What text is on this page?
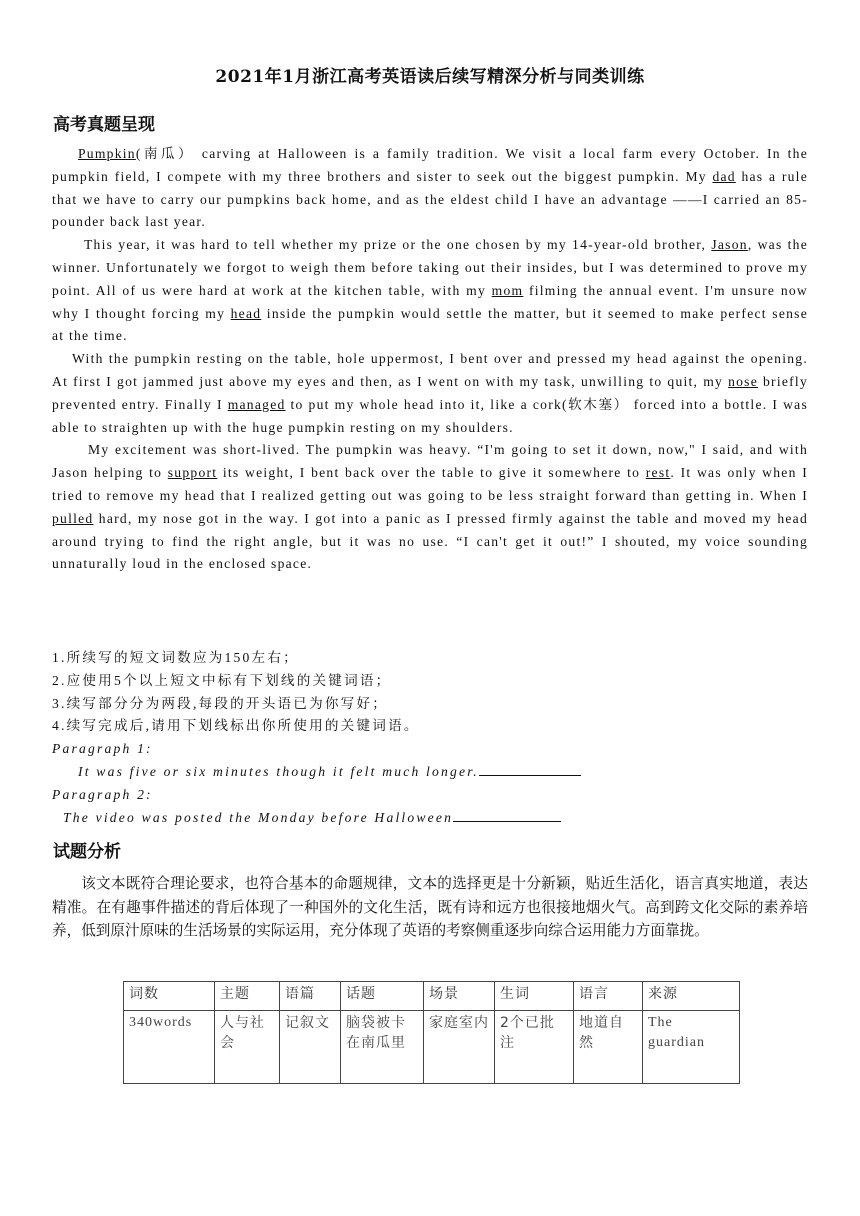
2021年1月浙江高考英语读后续写精深分析与同类训练
高考真题呈现

Pumpkin(南瓜） carving at Halloween is a family tradition. We visit a local farm every October. In the pumpkin field, I compete with my three brothers and sister to seek out the biggest pumpkin. My dad has a rule that we have to carry our pumpkins back home, and as the eldest child I have an advantage ——I carried an 85-pounder back last year.

This year, it was hard to tell whether my prize or the one chosen by my 14-year-old brother, Jason, was the winner. Unfortunately we forgot to weigh them before taking out their insides, but I was determined to prove my point. All of us were hard at work at the kitchen table, with my mom filming the annual event. I'm unsure now why I thought forcing my head inside the pumpkin would settle the matter, but it seemed to make perfect sense at the time.

With the pumpkin resting on the table, hole uppermost, I bent over and pressed my head against the opening. At first I got jammed just above my eyes and then, as I went on with my task, unwilling to quit, my nose briefly prevented entry. Finally I managed to put my whole head into it, like a cork(软木塞） forced into a bottle. I was able to straighten up with the huge pumpkin resting on my shoulders.

My excitement was short-lived. The pumpkin was heavy. “I'm going to set it down, now," I said, and with Jason helping to support its weight, I bent back over the table to give it somewhere to rest. It was only when I tried to remove my head that I realized getting out was going to be less straight forward than getting in. When I pulled hard, my nose got in the way. I got into a panic as I pressed firmly against the table and moved my head around trying to find the right angle, but it was no use. “I can't get it out!” I shouted, my voice sounding unnaturally loud in the enclosed space.

1.所续写的短文词数应为150左右；
2.应使用5个以上短文中标有下划线的关键词语；
3.续写部分分为两段,每段的开头语已为你写好；
4.续写完成后,请用下划线标出你所使用的关键词语。
Paragraph 1:
It was five or six minutes though it felt much longer.
Paragraph 2:
The video was posted the Monday before Halloween
试题分析
该文本既符合理论要求，也符合基本的命题规律，文本的选择更是十分新颖，贴近生活化，语言真实地道，表达精准。在有趣事件描述的背后体现了一种国外的文化生活，既有诗和远方也很接地烟火气。高到跨文化交际的素养培养，低到原汁原味的生活场景的实际运用，充分体现了英语的考察侧重逐步向综合运用能力方面靠拢。
词数	主题	语篇	话题	场景	生词	语言	来源
340words	人与社会	记叙文	脑袋被卡在南瓜里	家庭室内	2个已批注	地道自然	The guardian
